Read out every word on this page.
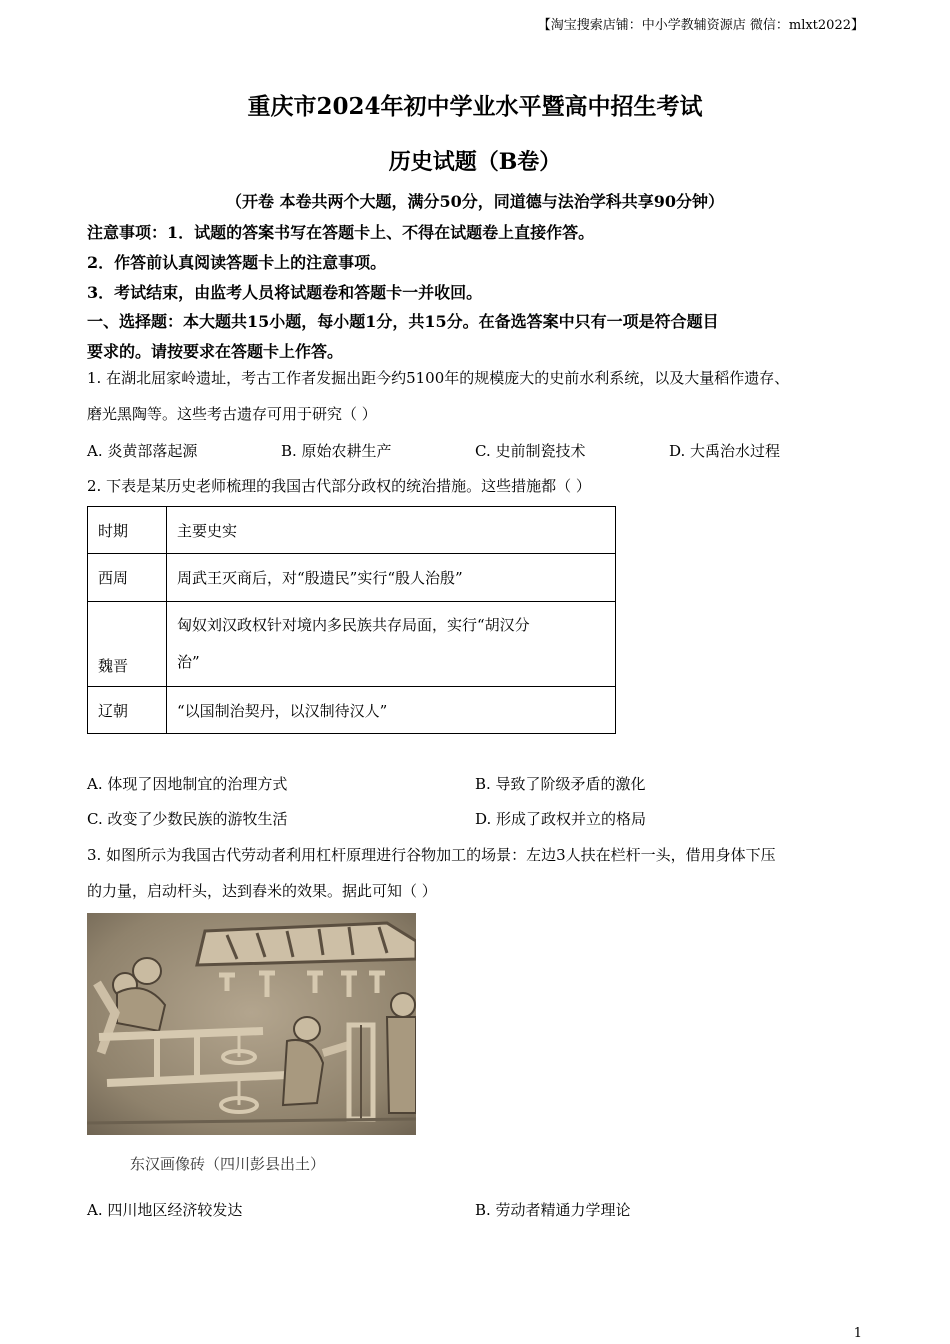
【淘宝搜索店铺：中小学教辅资源店 微信：mlxt2022】
重庆市2024年初中学业水平暨高中招生考试
历史试题（B卷）
（开卷 本卷共两个大题，满分50分，同道德与法治学科共享90分钟）
注意事项：1．试题的答案书写在答题卡上、不得在试题卷上直接作答。
2．作答前认真阅读答题卡上的注意事项。
3．考试结束，由监考人员将试题卷和答题卡一并收回。
一、选择题：本大题共15小题，每小题1分，共15分。在备选答案中只有一项是符合题目
要求的。请按要求在答题卡上作答。
1. 在湖北屈家岭遗址，考古工作者发掘出距今约5100年的规模庞大的史前水利系统，以及大量稻作遗存、
磨光黑陶等。这些考古遗存可用于研究（ ）
A. 炎黄部落起源	B. 原始农耕生产	C. 史前制瓷技术	D. 大禹治水过程
2. 下表是某历史老师梳理的我国古代部分政权的统治措施。这些措施都（ ）
时期	主要史实
西周	周武王灭商后，对“殷遗民”实行“殷人治殷”
魏晋	匈奴刘汉政权针对境内多民族共存局面，实行“胡汉分
治”

辽朝	“以国制治契丹，以汉制待汉人”
A. 体现了因地制宜的治理方式	B. 导致了阶级矛盾的激化
C. 改变了少数民族的游牧生活	D. 形成了政权并立的格局
3. 如图所示为我国古代劳动者利用杠杆原理进行谷物加工的场景：左边3人扶在栏杆一头，借用身体下压
的力量，启动杆头，达到舂米的效果。据此可知（ ）
东汉画像砖（四川彭县出土）
A. 四川地区经济较发达	B. 劳动者精通力学理论
1
